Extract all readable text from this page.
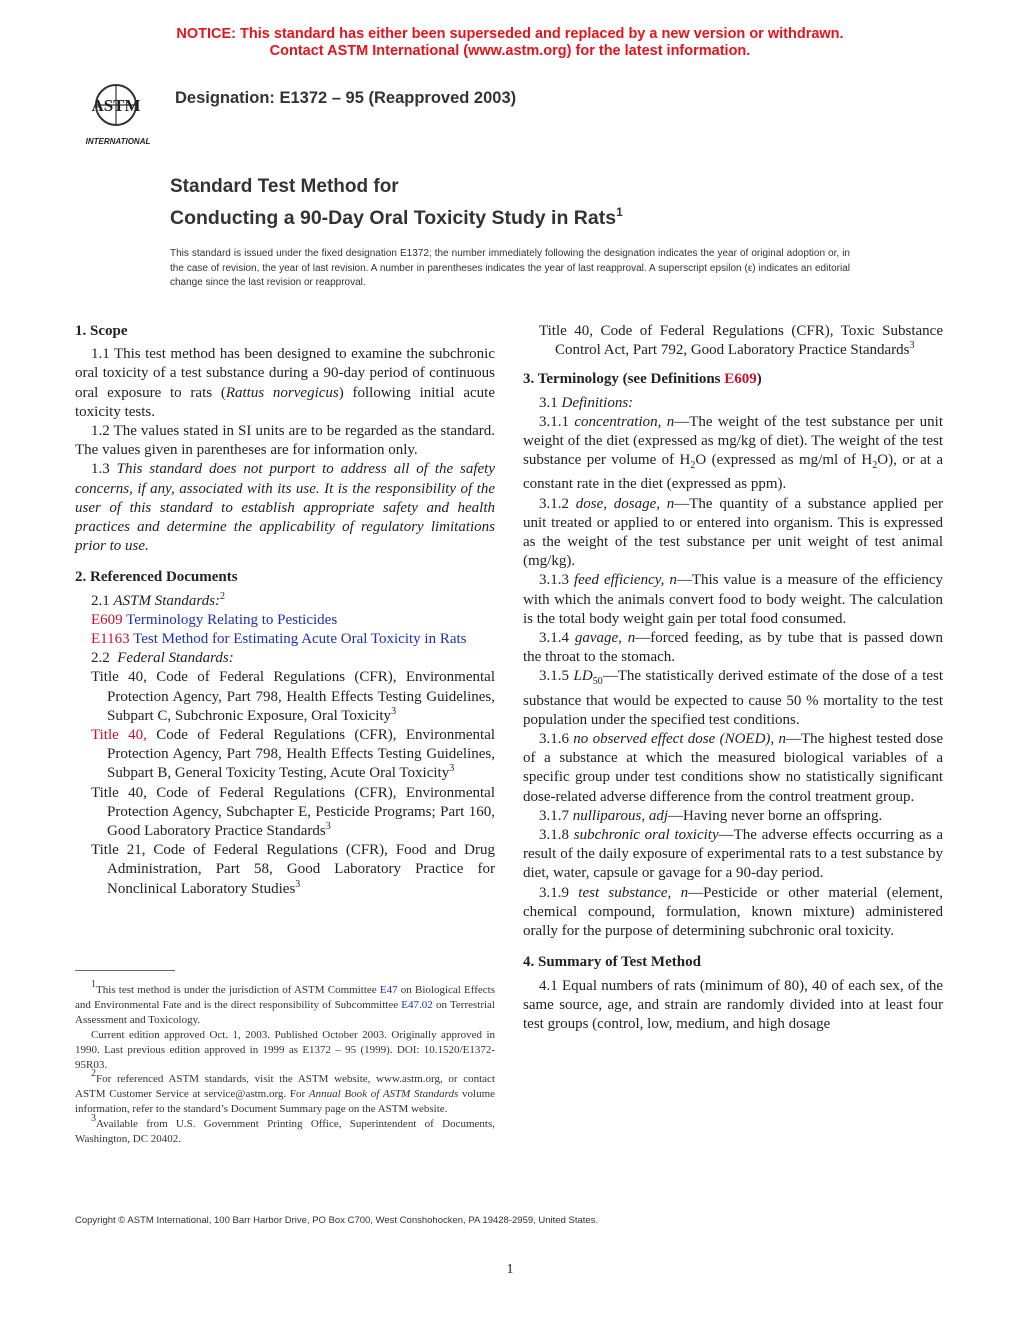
NOTICE: This standard has either been superseded and replaced by a new version or withdrawn.
Contact ASTM International (www.astm.org) for the latest information.
ASTM
INTERNATIONAL
Designation: E1372 – 95 (Reapproved 2003)
Standard Test Method for
Conducting a 90-Day Oral Toxicity Study in Rats$^1$
This standard is issued under the fixed designation E1372; the number immediately following the designation indicates the year of original adoption or, in the case of revision, the year of last revision. A number in parentheses indicates the year of last reapproval. A superscript epsilon (ε) indicates an editorial change since the last revision or reapproval.

1. Scope

1.1 This test method has been designed to examine the subchronic oral toxicity of a test substance during a 90-day period of continuous oral exposure to rats (Rattus norvegicus) following initial acute toxicity tests.

1.2 The values stated in SI units are to be regarded as the standard. The values given in parentheses are for information only.

1.3 This standard does not purport to address all of the safety concerns, if any, associated with its use. It is the responsibility of the user of this standard to establish appropriate safety and health practices and determine the applicability of regulatory limitations prior to use.

2. Referenced Documents

2.1 ASTM Standards:$^2$

E609 Terminology Relating to Pesticides

E1163 Test Method for Estimating Acute Oral Toxicity in Rats

2.2 Federal Standards:

Title 40, Code of Federal Regulations (CFR), Environmental Protection Agency, Part 798, Health Effects Testing Guidelines, Subpart C, Subchronic Exposure, Oral Toxicity$^3$

Title 40, Code of Federal Regulations (CFR), Environmental Protection Agency, Part 798, Health Effects Testing Guidelines, Subpart B, General Toxicity Testing, Acute Oral Toxicity$^3$

Title 40, Code of Federal Regulations (CFR), Environmental Protection Agency, Subchapter E, Pesticide Programs; Part 160, Good Laboratory Practice Standards$^3$

Title 21, Code of Federal Regulations (CFR), Food and Drug Administration, Part 58, Good Laboratory Practice for Nonclinical Laboratory Studies$^3$

1This test method is under the jurisdiction of ASTM Committee E47 on Biological Effects and Environmental Fate and is the direct responsibility of Subcommittee E47.02 on Terrestrial Assessment and Toxicology.

Current edition approved Oct. 1, 2003. Published October 2003. Originally approved in 1990. Last previous edition approved in 1999 as E1372 – 95 (1999). DOI: 10.1520/E1372-95R03.

2For referenced ASTM standards, visit the ASTM website, www.astm.org, or contact ASTM Customer Service at service@astm.org. For Annual Book of ASTM Standards volume information, refer to the standard’s Document Summary page on the ASTM website.

3Available from U.S. Government Printing Office, Superintendent of Documents, Washington, DC 20402.

Title 40, Code of Federal Regulations (CFR), Toxic Substance Control Act, Part 792, Good Laboratory Practice Standards$^3$

3. Terminology (see Definitions E609)

3.1 Definitions:

3.1.1 concentration, n—The weight of the test substance per unit weight of the diet (expressed as mg/kg of diet). The weight of the test substance per volume of $H_2O$ (expressed as mg/ml of $H_2O$), or at a constant rate in the diet (expressed as ppm).

3.1.2 dose, dosage, n—The quantity of a substance applied per unit treated or applied to or entered into organism. This is expressed as the weight of the test substance per unit weight of test animal (mg/kg).

3.1.3 feed efficiency, n—This value is a measure of the efficiency with which the animals convert food to body weight. The calculation is the total body weight gain per total food consumed.

3.1.4 gavage, n—forced feeding, as by tube that is passed down the throat to the stomach.

3.1.5 $LD_{50}—The$ statistically derived estimate of the dose of a test substance that would be expected to cause 50 % mortality to the test population under the specified test conditions.

3.1.6 no observed effect dose (NOED), n—The highest tested dose of a substance at which the measured biological variables of a specific group under test conditions show no statistically significant dose-related adverse difference from the control treatment group.

3.1.7 nulliparous, adj—Having never borne an offspring.

3.1.8 subchronic oral toxicity—The adverse effects occurring as a result of the daily exposure of experimental rats to a test substance by diet, water, capsule or gavage for a 90-day period.

3.1.9 test substance, n—Pesticide or other material (element, chemical compound, formulation, known mixture) administered orally for the purpose of determining subchronic oral toxicity.

4. Summary of Test Method

4.1 Equal numbers of rats (minimum of 80), 40 of each sex, of the same source, age, and strain are randomly divided into at least four test groups (control, low, medium, and high dosage

Copyright © ASTM International, 100 Barr Harbor Drive, PO Box C700, West Conshohocken, PA 19428-2959, United States.
1
